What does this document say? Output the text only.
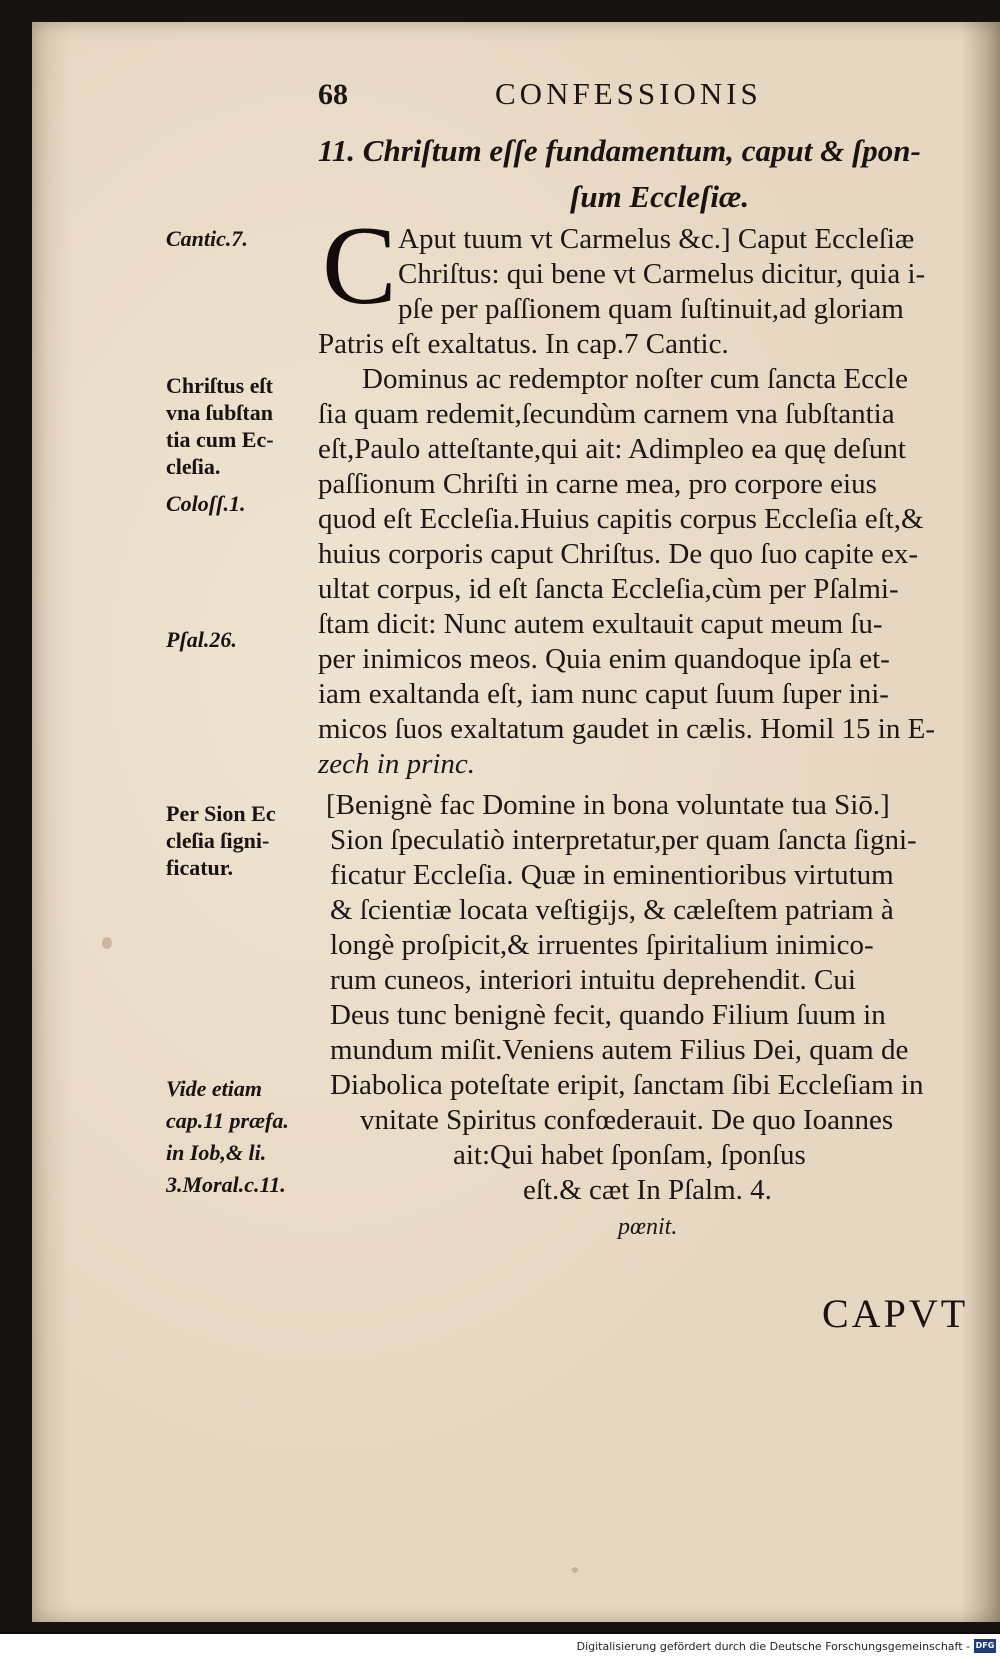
68	CONFESSIONIS
11. Chriſtum eſſe fundamentum, caput & ſpon-
ſum Eccleſiæ.
Cantic.7.
Chriſtus eſt
vna ſubſtan
tia cum Ec-
cleſia.
Coloſſ.1.
Pſal.26.
Per Sion Ec
cleſia ſigni-
ficatur.
Vide etiam
cap.11 præfa.
in Iob,& li.
3.Moral.c.11.
C Aput tuum vt Carmelus &c.] Caput Eccleſiæ
Chriſtus: qui bene vt Carmelus dicitur, quia i-
pſe per paſſionem quam ſuſtinuit,ad gloriam
Patris eſt exaltatus. In cap.7 Cantic.
Dominus ac redemptor noſter cum ſancta Eccle
ſia quam redemit,ſecundùm carnem vna ſubſtantia
eſt,Paulo atteſtante,qui ait: Adimpleo ea quę deſunt
paſſionum Chriſti in carne mea, pro corpore eius
quod eſt Eccleſia.Huius capitis corpus Eccleſia eſt,&
huius corporis caput Chriſtus. De quo ſuo capite ex-
ultat corpus, id eſt ſancta Eccleſia,cùm per Pſalmi-
ſtam dicit: Nunc autem exultauit caput meum ſu-
per inimicos meos. Quia enim quandoque ipſa et-
iam exaltanda eſt, iam nunc caput ſuum ſuper ini-
micos ſuos exaltatum gaudet in cælis. Homil 15 in E-
zech in princ.
[Benignè fac Domine in bona voluntate tua Siō.]
Sion ſpeculatiò interpretatur,per quam ſancta ſigni-
ficatur Eccleſia. Quæ in eminentioribus virtutum
& ſcientiæ locata veſtigijs, & cæleſtem patriam à
longè proſpicit,& irruentes ſpiritalium inimico-
rum cuneos, interiori intuitu deprehendit. Cui
Deus tunc benignè fecit, quando Filium ſuum in
mundum miſit.Veniens autem Filius Dei, quam de
Diabolica poteſtate eripit, ſanctam ſibi Eccleſiam in
vnitate Spiritus confœderauit. De quo Ioannes
ait:Qui habet ſponſam, ſponſus
eſt.& cæt In Pſalm. 4.
pœnit.
CAPVT
Digitalisierung gefördert durch die Deutsche Forschungsgemeinschaft - DFG
